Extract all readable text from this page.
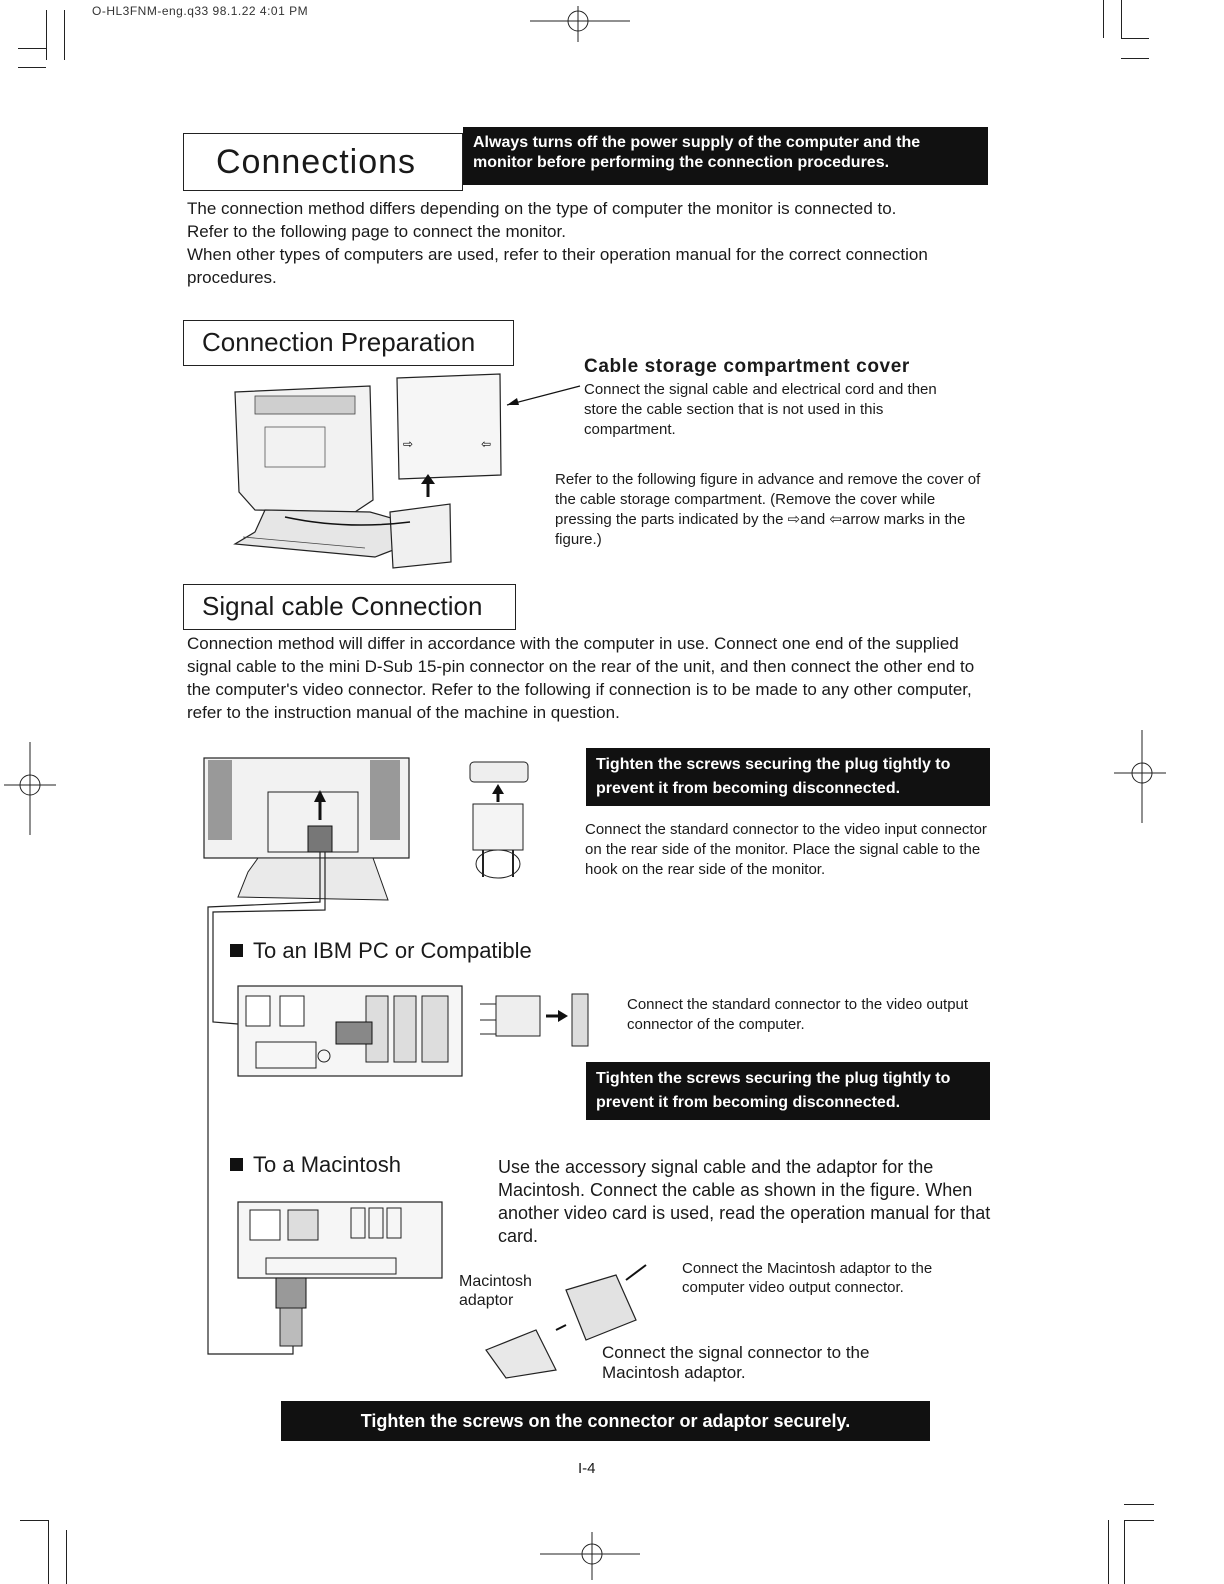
O-HL3FNM-eng.q33 98.1.22 4:01 PM
Connections
Always turns off the power supply of the computer and the monitor before performing the connection procedures.

The connection method differs depending on the type of computer the monitor is connected to.

Refer to the following page to connect the monitor.

When other types of computers are used, refer to their operation manual for the correct connection procedures.

Connection Preparation
⇨	⇦
Cable storage compartment cover
Connect the signal cable and electrical cord and then store the cable section that is not used in this compartment.
Refer to the following figure in advance and remove the cover of the cable storage compartment. (Remove the cover while pressing the parts indicated by the ⇨and ⇦arrow marks in the figure.)
Signal cable Connection

Connection method will differ in accordance with the computer in use. Connect one end of the supplied signal cable to the mini D-Sub 15-pin connector on the rear of the unit, and then connect the other end to the computer's video connector. Refer to the following if connection is to be made to any other computer, refer to the instruction manual of the machine in question.

Tighten the screws securing the plug tightly to prevent it from becoming disconnected.
Connect the standard connector to the video input connector on the rear side of the monitor. Place the signal cable to the hook on the rear side of the monitor.
To an IBM PC or Compatible
Connect the standard connector to the video output connector of the computer.
Tighten the screws securing the plug tightly to prevent it from becoming disconnected.
To a Macintosh	Use the accessory signal cable and the adaptor for the Macintosh. Connect the cable as shown in the figure. When another video card is used, read the operation manual for that card.
Macintosh adaptor
Connect the Macintosh adaptor to the computer video output connector.
Connect the signal connector to the Macintosh adaptor.
Tighten the screws on the connector or adaptor securely.
I-4
